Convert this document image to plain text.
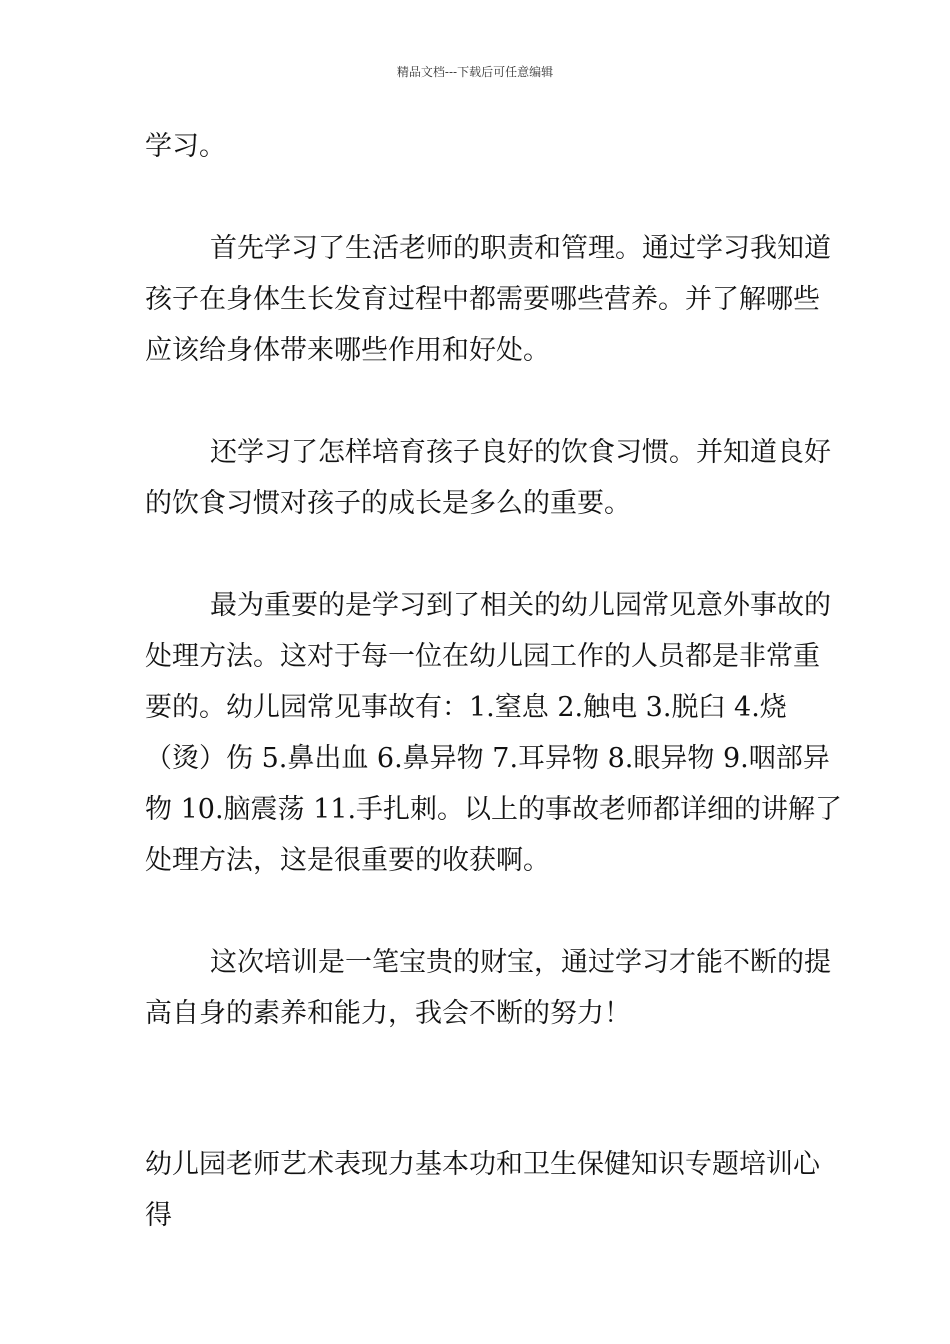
精品文档---下载后可任意编辑
学习。
首先学习了生活老师的职责和管理。通过学习我知道
孩子在身体生长发育过程中都需要哪些营养。并了解哪些
应该给身体带来哪些作用和好处。
还学习了怎样培育孩子良好的饮食习惯。并知道良好
的饮食习惯对孩子的成长是多么的重要。
最为重要的是学习到了相关的幼儿园常见意外事故的
处理方法。这对于每一位在幼儿园工作的人员都是非常重
要的。幼儿园常见事故有：1.窒息 2.触电 3.脱臼 4.烧
（烫）伤 5.鼻出血 6.鼻异物 7.耳异物 8.眼异物 9.咽部异
物 10.脑震荡 11.手扎刺。以上的事故老师都详细的讲解了
处理方法，这是很重要的收获啊。
这次培训是一笔宝贵的财宝，通过学习才能不断的提
高自身的素养和能力，我会不断的努力！
幼儿园老师艺术表现力基本功和卫生保健知识专题培训心
得
